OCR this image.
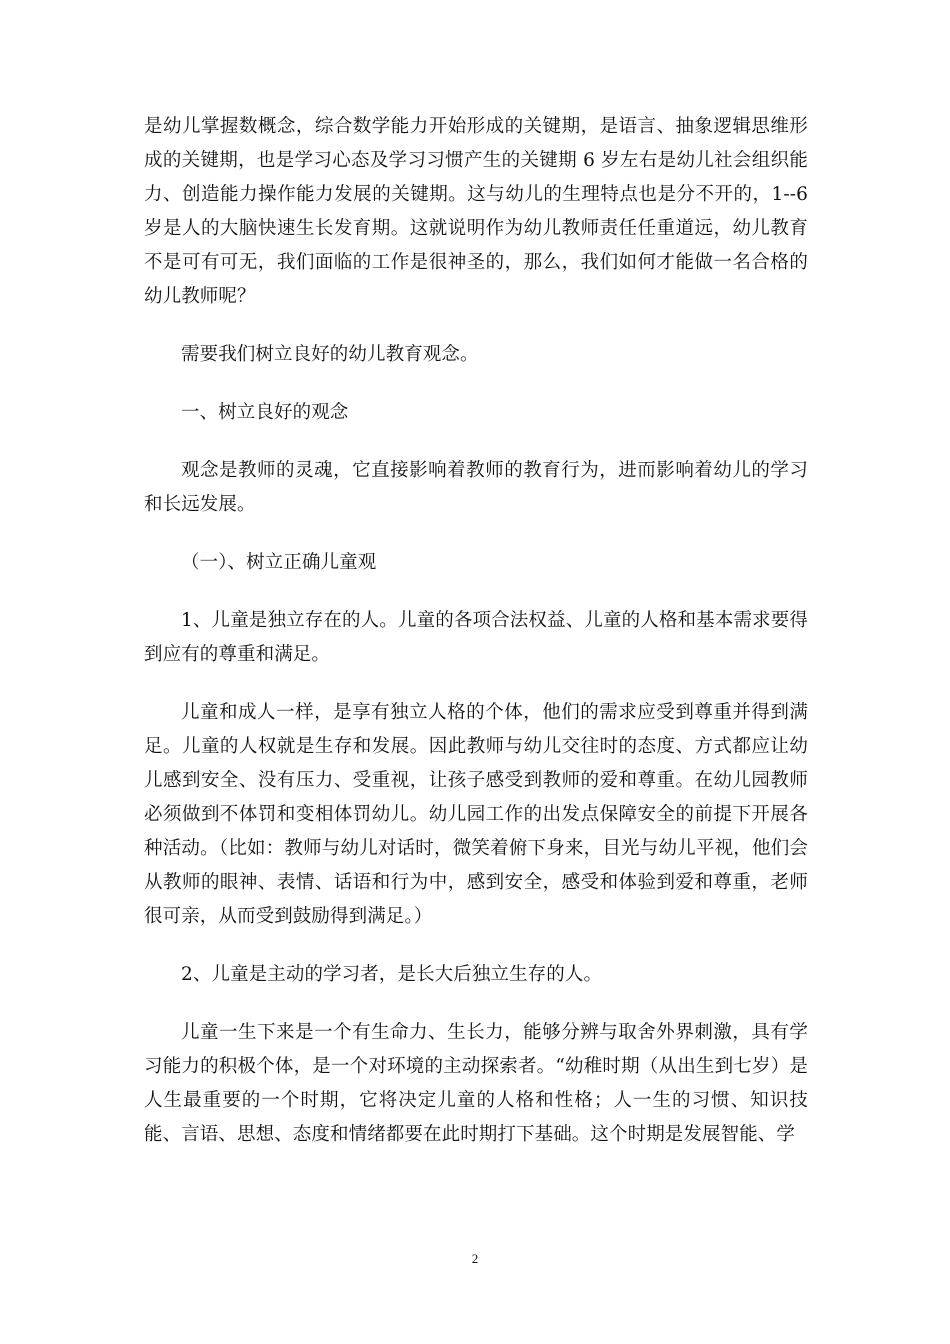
是幼儿掌握数概念，综合数学能力开始形成的关键期，是语言、抽象逻辑思维形成的关键期，也是学习心态及学习习惯产生的关键期 6 岁左右是幼儿社会组织能力、创造能力操作能力发展的关键期。这与幼儿的生理特点也是分不开的，1--6 岁是人的大脑快速生长发育期。这就说明作为幼儿教师责任任重道远，幼儿教育不是可有可无，我们面临的工作是很神圣的，那么，我们如何才能做一名合格的幼儿教师呢？

需要我们树立良好的幼儿教育观念。

一、树立良好的观念

观念是教师的灵魂，它直接影响着教师的教育行为，进而影响着幼儿的学习和长远发展。

（一）、树立正确儿童观

1、儿童是独立存在的人。儿童的各项合法权益、儿童的人格和基本需求要得到应有的尊重和满足。

儿童和成人一样，是享有独立人格的个体，他们的需求应受到尊重并得到满足。儿童的人权就是生存和发展。因此教师与幼儿交往时的态度、方式都应让幼儿感到安全、没有压力、受重视，让孩子感受到教师的爱和尊重。在幼儿园教师必须做到不体罚和变相体罚幼儿。幼儿园工作的出发点保障安全的前提下开展各种活动。（比如：教师与幼儿对话时，微笑着俯下身来，目光与幼儿平视，他们会从教师的眼神、表情、话语和行为中，感到安全，感受和体验到爱和尊重，老师很可亲，从而受到鼓励得到满足。）

2、儿童是主动的学习者，是长大后独立生存的人。

儿童一生下来是一个有生命力、生长力，能够分辨与取舍外界刺激，具有学习能力的积极个体，是一个对环境的主动探索者。“幼稚时期（从出生到七岁）是人生最重要的一个时期，它将决定儿童的人格和性格；人一生的习惯、知识技能、言语、思想、态度和情绪都要在此时期打下基础。这个时期是发展智能、学

2
